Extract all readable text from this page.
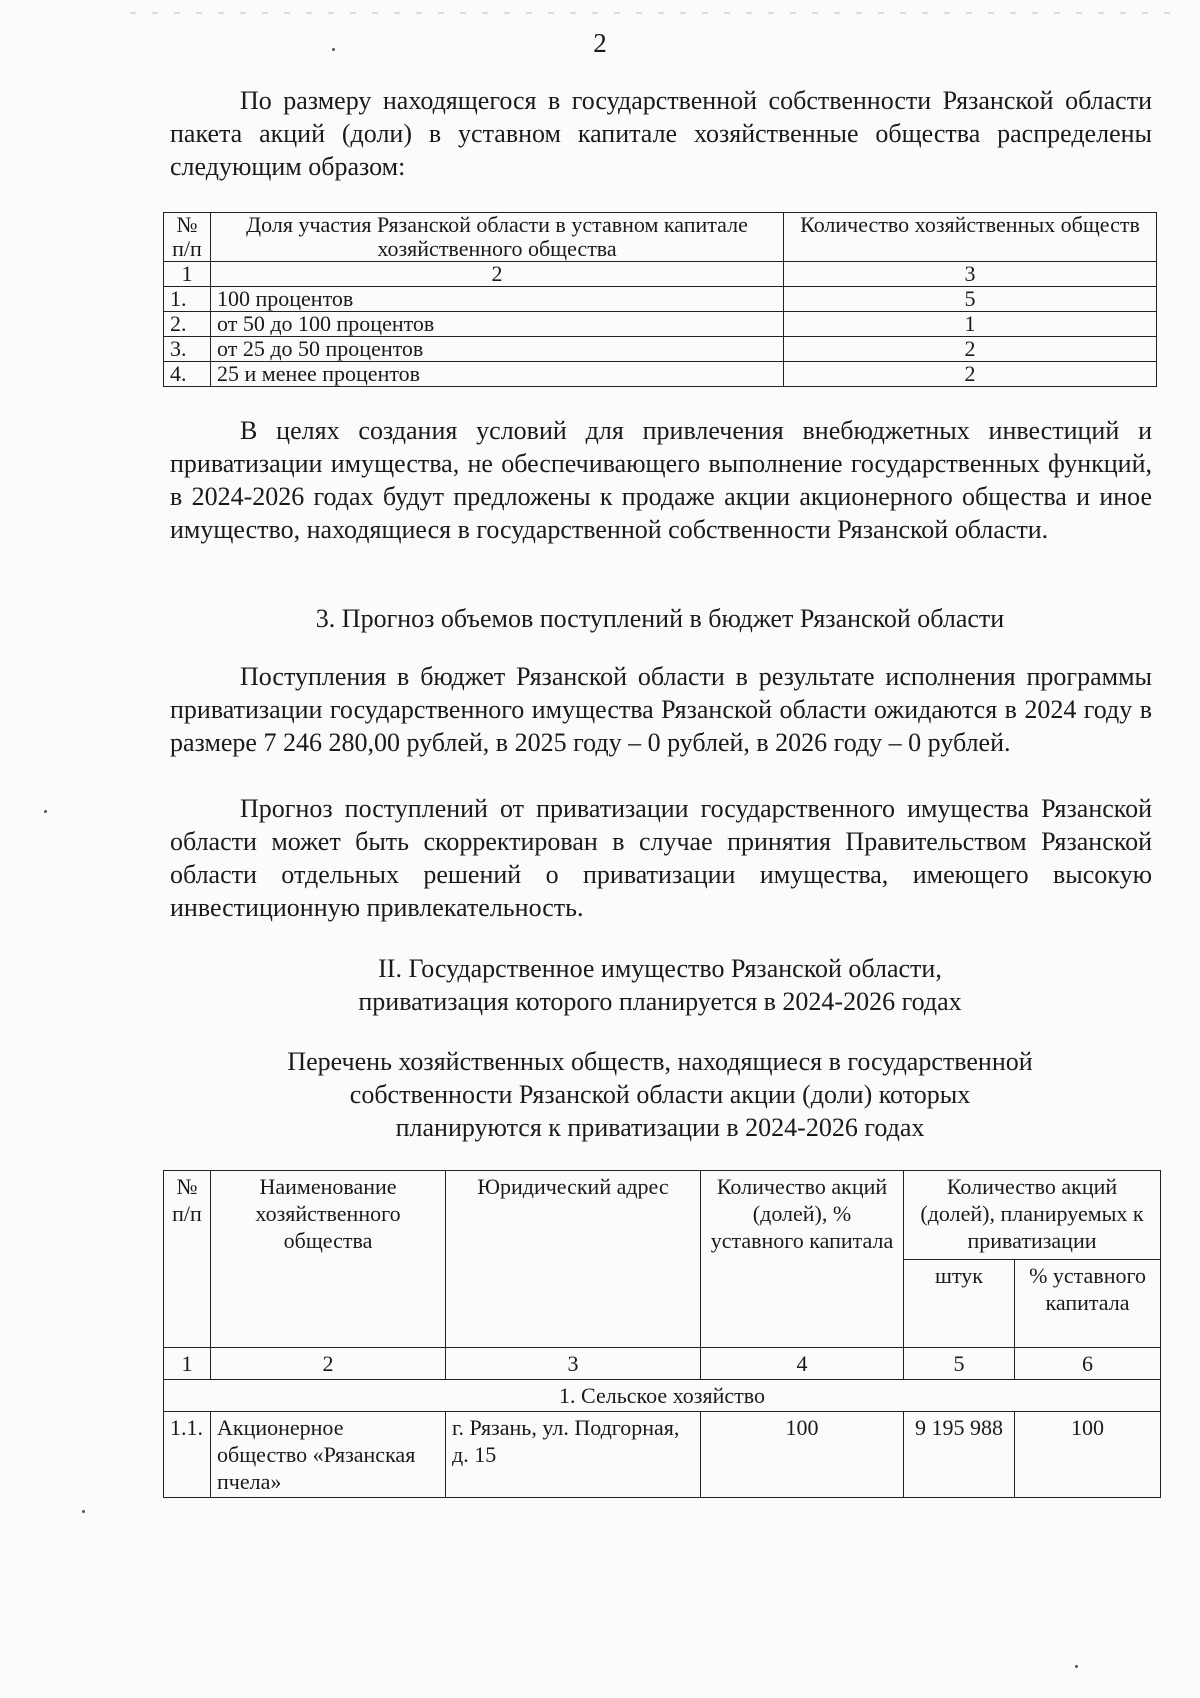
2

По размеру находящегося в государственной собственности Рязанской области пакета акций (доли) в уставном капитале хозяйственные общества распределены следующим образом:

№ п/п	Доля участия Рязанской области в уставном капитале хозяйственного общества	Количество хозяйственных обществ
1	2	3
1.	100 процентов	5
2.	от 50 до 100 процентов	1
3.	от 25 до 50 процентов	2
4.	25 и менее процентов	2

В целях создания условий для привлечения внебюджетных инвестиций и приватизации имущества, не обеспечивающего выполнение государственных функций, в 2024-2026 годах будут предложены к продаже акции акционерного общества и иное имущество, находящиеся в государственной собственности Рязанской области.

3. Прогноз объемов поступлений в бюджет Рязанской области

Поступления в бюджет Рязанской области в результате исполнения программы приватизации государственного имущества Рязанской области ожидаются в 2024 году в размере 7 246 280,00 рублей, в 2025 году – 0 рублей, в 2026 году – 0 рублей.

Прогноз поступлений от приватизации государственного имущества Рязанской области может быть скорректирован в случае принятия Правительством Рязанской области отдельных решений о приватизации имущества, имеющего высокую инвестиционную привлекательность.

II. Государственное имущество Рязанской области,
приватизация которого планируется в 2024-2026 годах
Перечень хозяйственных обществ, находящиеся в государственной
собственности Рязанской области акции (доли) которых
планируются к приватизации в 2024-2026 годах
№ п/п	Наименование хозяйственного общества	Юридический адрес	Количество акций (долей), % уставного капитала	Количество акций (долей), планируемых к приватизации	
				штук	% уставного капитала
1	2	3	4	5	6
1. Сельское хозяйство					
1.1.	Акционерное общество «Рязанская пчела»	г. Рязань, ул. Подгорная, д. 15	100	9 195 988	100
